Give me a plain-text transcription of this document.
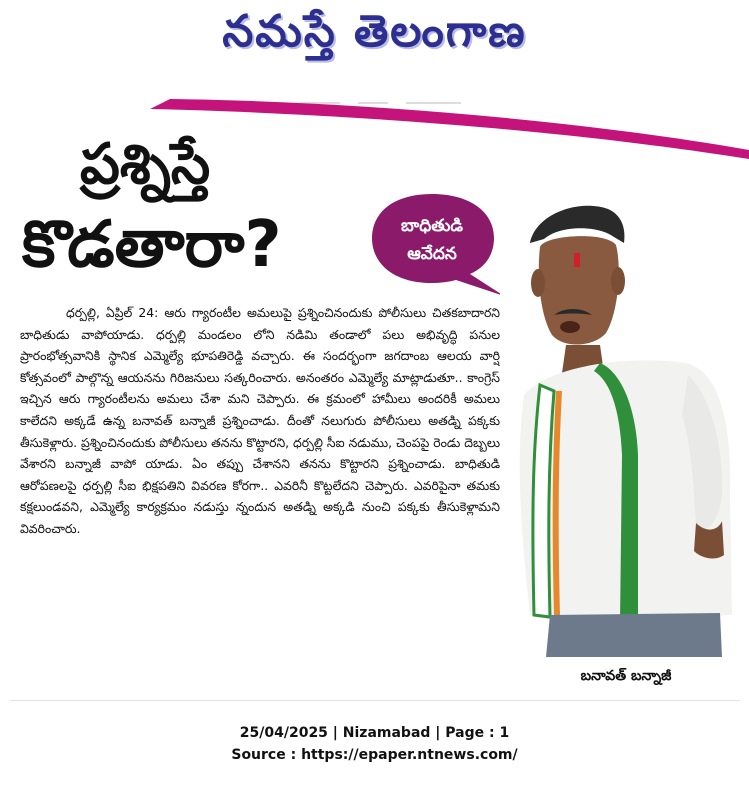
నమస్తే తెలంగాణ
ప్రశ్నిస్తే
కొడతారా?	బాధితుడి
ఆవేదన

ధర్పల్లి, ఏప్రిల్ 24: ఆరు గ్యారంటీల అమలుపై ప్రశ్నించినందుకు పోలీసులు చితకబాదారని బాధితుడు వాపోయాడు. ధర్పల్లి మండలం లోని నడిమి తండాలో పలు అభివృద్ధి పనుల ప్రారంభోత్సవానికి స్థానిక ఎమ్మెల్యే భూపతిరెడ్డి వచ్చారు. ఈ సందర్భంగా జగదాంబ ఆలయ వార్షి కోత్సవంలో పాల్గొన్న ఆయనను గిరిజనులు సత్కరించారు. అనంతరం ఎమ్మెల్యే మాట్లాడుతూ.. కాంగ్రెస్ ఇచ్చిన ఆరు గ్యారంటీలను అమలు చేశా మని చెప్పారు. ఈ క్రమంలో హామీలు అందరికీ అమలు కాలేదని అక్కడే ఉన్న బనావత్ బన్నాజీ ప్రశ్నించాడు. దీంతో నలుగురు పోలీసులు అతడ్ని పక్కకు తీసుకెళ్లారు. ప్రశ్నించినందుకు పోలీసులు తనను కొట్టారని, ధర్పల్లి సీఐ నడుము, చెంపపై రెండు దెబ్బలు వేశారని బన్నాజీ వాపో యాడు. ఏం తప్పు చేశానని తనను కొట్టారని ప్రశ్నించాడు. బాధితుడి ఆరోపణలపై ధర్పల్లి సీఐ భిక్షపతిని వివరణ కోరగా.. ఎవరినీ కొట్టలేదని చెప్పారు. ఎవరిపైనా తమకు కక్షలుండవని, ఎమ్మెల్యే కార్యక్రమం నడుస్తు న్నందున అతడ్ని అక్కడి నుంచి పక్కకు తీసుకెళ్లామని వివరించారు.

బనావత్ బన్నాజీ
25/04/2025 | Nizamabad | Page : 1
Source : https://epaper.ntnews.com/
